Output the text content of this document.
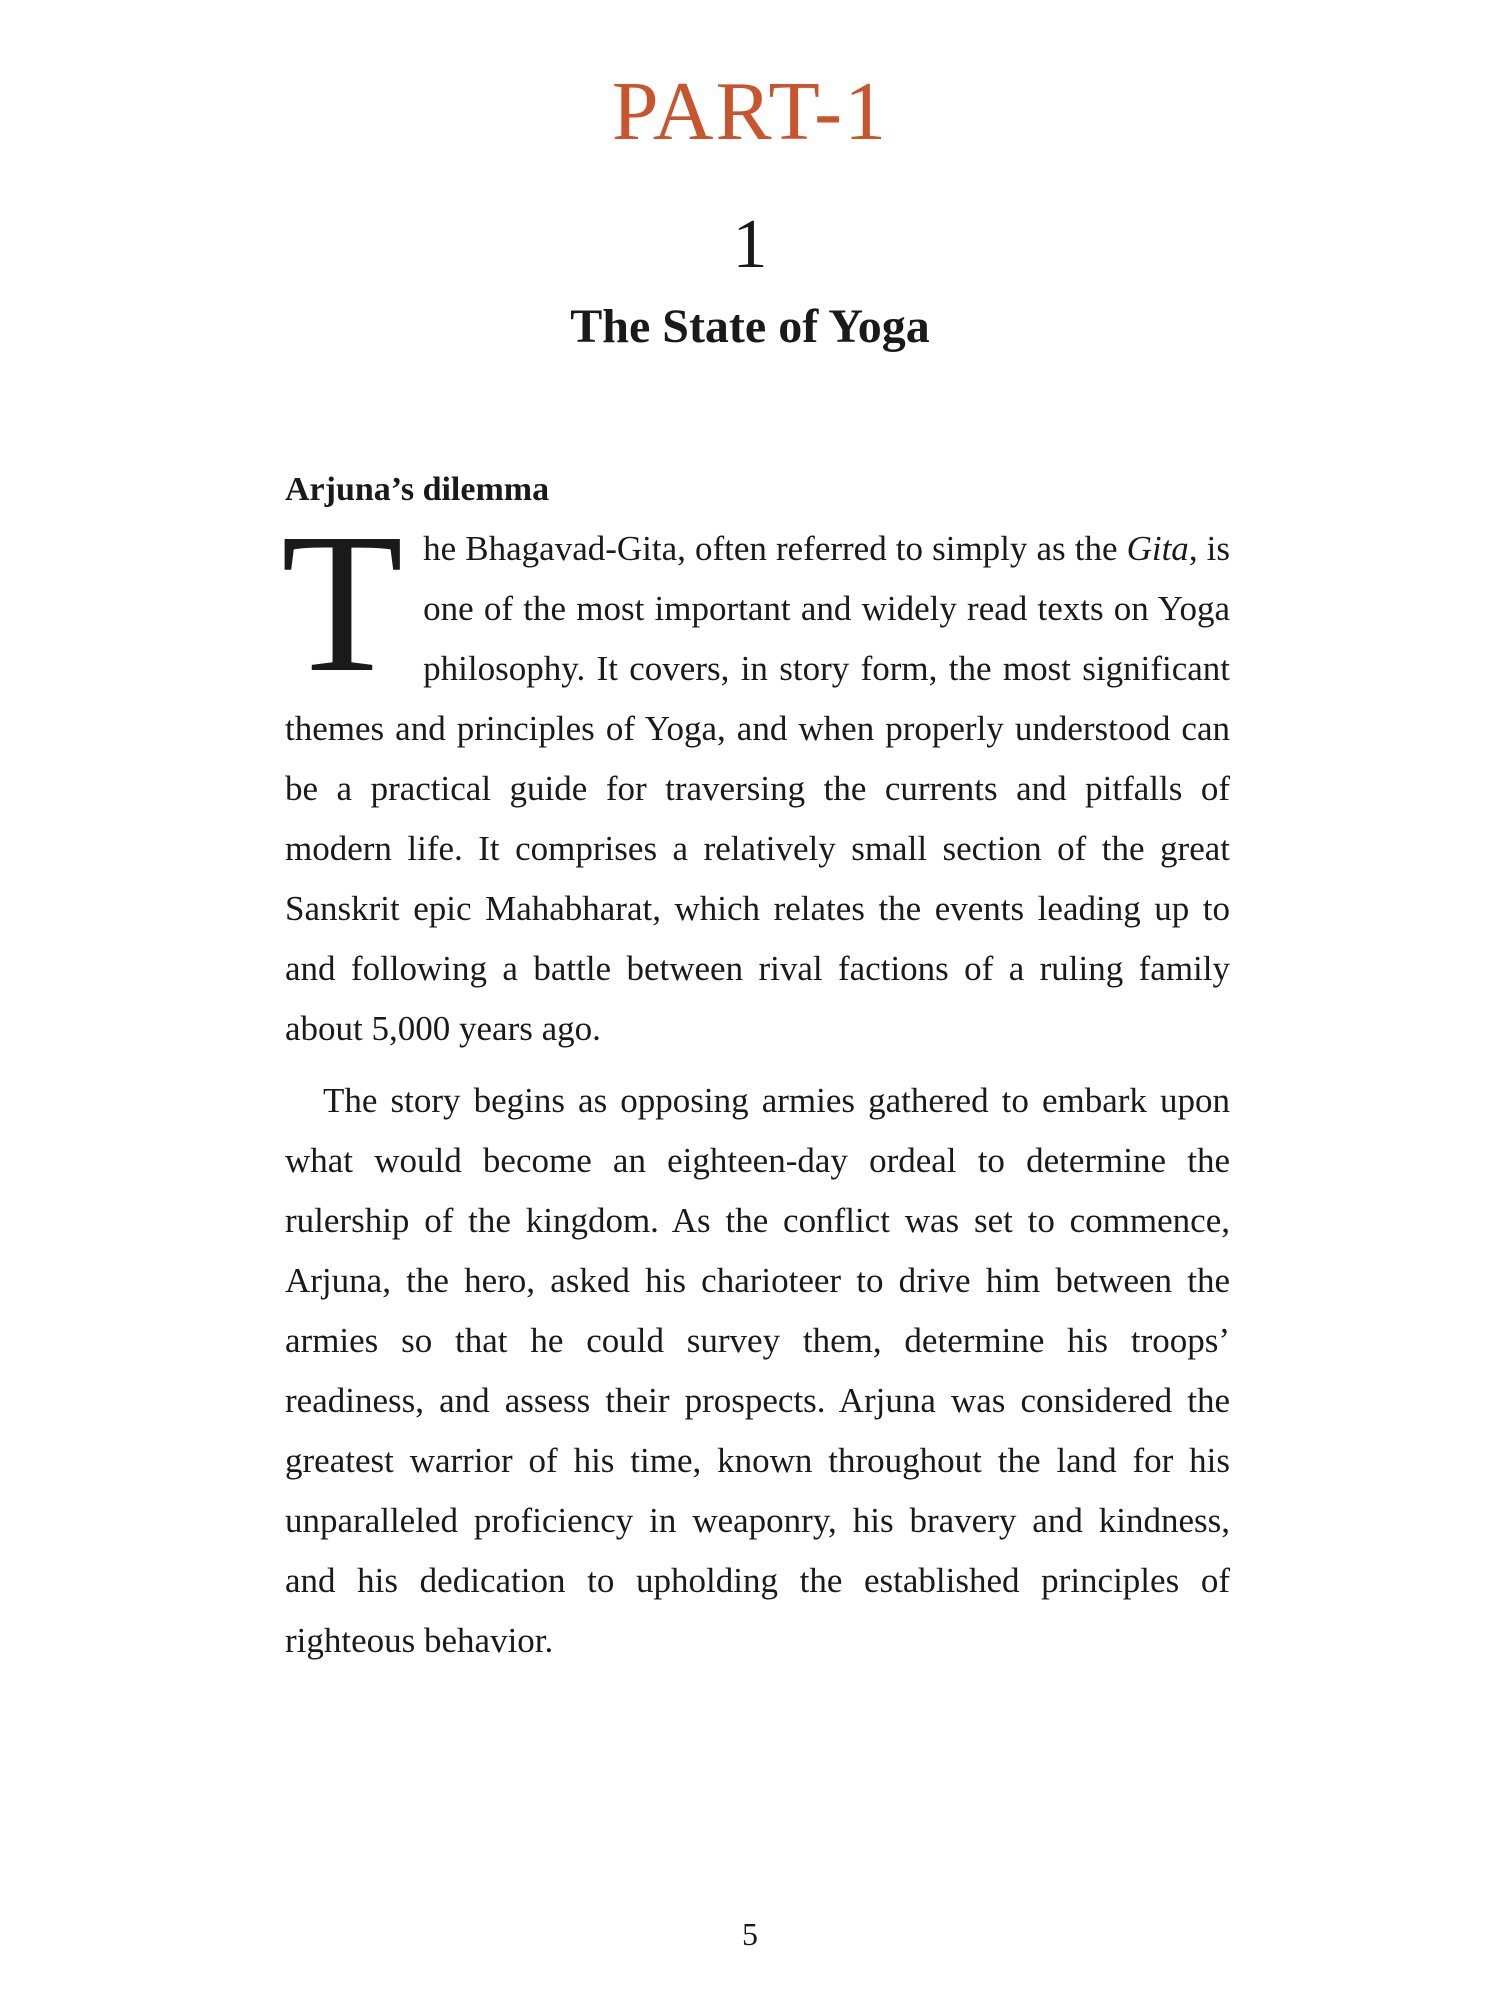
PART-1
1
The State of Yoga
Arjuna’s dilemma

The Bhagavad-Gita, often referred to simply as the Gita, is one of the most important and widely read texts on Yoga philosophy. It covers, in story form, the most significant themes and principles of Yoga, and when properly understood can be a practical guide for traversing the currents and pitfalls of modern life. It comprises a relatively small section of the great Sanskrit epic Mahabharat, which relates the events leading up to and following a battle between rival factions of a ruling family about 5,000 years ago.

The story begins as opposing armies gathered to embark upon what would become an eighteen-day ordeal to determine the rulership of the kingdom. As the conflict was set to commence, Arjuna, the hero, asked his charioteer to drive him between the armies so that he could survey them, determine his troops’ readiness, and assess their prospects. Arjuna was considered the greatest warrior of his time, known throughout the land for his unparalleled proficiency in weaponry, his bravery and kindness, and his dedication to upholding the established principles of righteous behavior.

5
